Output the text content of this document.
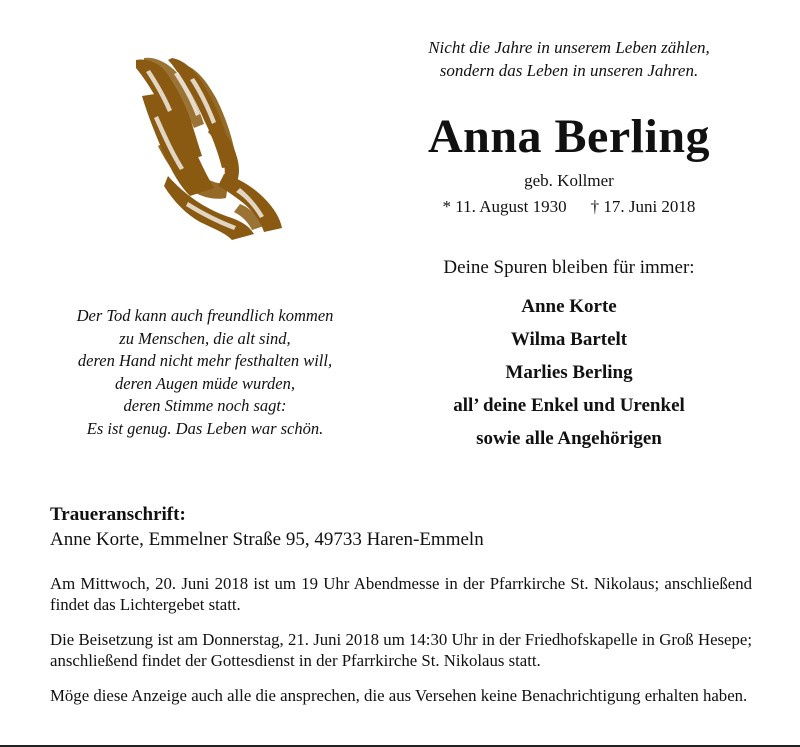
Nicht die Jahre in unserem Leben zählen,
sondern das Leben in unseren Jahren.
Anna Berling
geb. Kollmer
* 11. August 1930 † 17. Juni 2018
Deine Spuren bleiben für immer:
Anne Korte
Wilma Bartelt
Marlies Berling
all’ deine Enkel und Urenkel
sowie alle Angehörigen
Der Tod kann auch freundlich kommen
zu Menschen, die alt sind,
deren Hand nicht mehr festhalten will,
deren Augen müde wurden,
deren Stimme noch sagt:
Es ist genug. Das Leben war schön.
Traueranschrift:
Anne Korte, Emmelner Straße 95, 49733 Haren-Emmeln
Am Mittwoch, 20. Juni 2018 ist um 19 Uhr Abendmesse in der Pfarrkirche St. Nikolaus; anschließend findet das Lichtergebet statt.
Die Beisetzung ist am Donnerstag, 21. Juni 2018 um 14:30 Uhr in der Friedhofskapelle in Groß Hesepe; anschließend findet der Gottesdienst in der Pfarrkirche St. Nikolaus statt.
Möge diese Anzeige auch alle die ansprechen, die aus Versehen keine Benachrichtigung erhalten haben.
